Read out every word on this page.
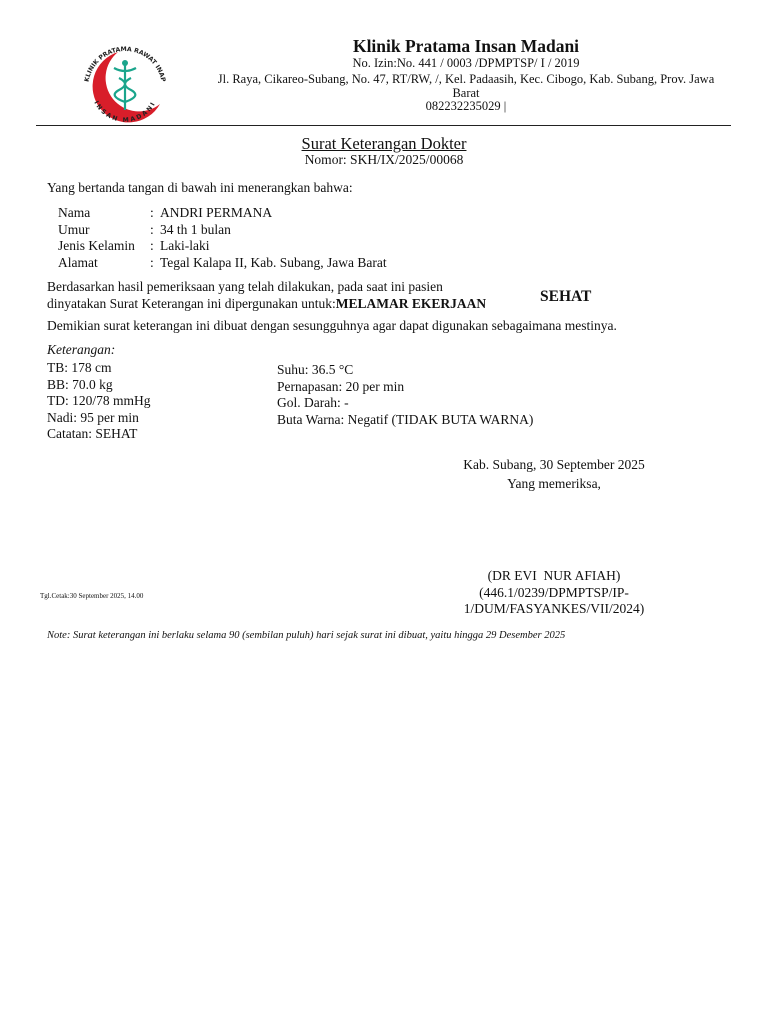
KLINIK PRATAMA RAWAT INAP
INSAN MADANI
Klinik Pratama Insan Madani
No. Izin:No. 441 / 0003 /DPMPTSP/ I / 2019
Jl. Raya, Cikareo-Subang, No. 47, RT/RW, /, Kel. Padaasih, Kec. Cibogo, Kab. Subang, Prov. Jawa Barat
082232235029 |
Surat Keterangan Dokter
Nomor: SKH/IX/2025/00068
Yang bertanda tangan di bawah ini menerangkan bahwa:
Nama	: ANDRI PERMANA
Umur	: 34 th 1 bulan
Jenis Kelamin	: Laki-laki
Alamat	: Tegal Kalapa II, Kab. Subang, Jawa Barat
Berdasarkan hasil pemeriksaan yang telah dilakukan, pada saat ini pasien
dinyatakan Surat Keterangan ini dipergunakan untuk:MELAMAR EKERJAAN	SEHAT
Demikian surat keterangan ini dibuat dengan sesungguhnya agar dapat digunakan sebagaimana mestinya.
Keterangan:
TB: 178 cm
BB: 70.0 kg
TD: 120/78 mmHg
Nadi: 95 per min
Catatan: SEHAT
Suhu: 36.5 °C
Pernapasan: 20 per min
Gol. Darah: -
Buta Warna: Negatif (TIDAK BUTA WARNA)
Kab. Subang, 30 September 2025
Yang memeriksa,
(DR EVI  NUR AFIAH)
(446.1/0239/DPMPTSP/IP-
1/DUM/FASYANKES/VII/2024)
Tgl.Cetak:30 September 2025, 14.00
Note: Surat keterangan ini berlaku selama 90 (sembilan puluh) hari sejak surat ini dibuat, yaitu hingga 29 Desember 2025
